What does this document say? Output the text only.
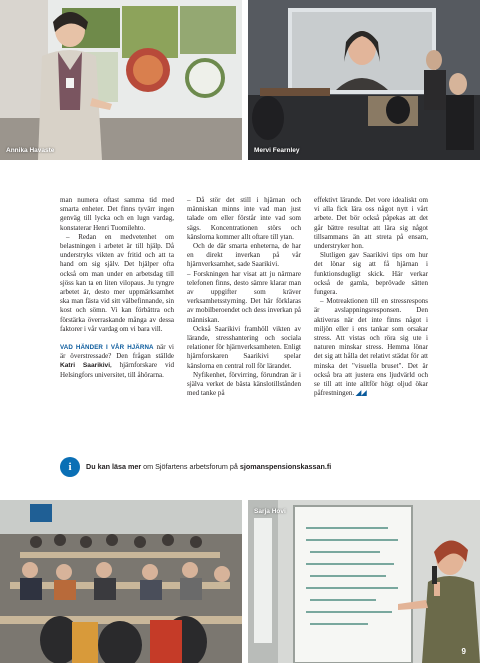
Annika Havaste	Mervi Fearnley

man numera oftast samma tid med smarta enheter. Det finns tyvärr ingen genväg till lycka och en lugn vardag, konstaterar Henri Tuomilehto.

– Redan en medvetenhet om belastningen i arbetet är till hjälp. Då understryks vikten av fritid och att ta hand om sig själv. Det hjälper ofta också om man under en arbetsdag till sjöss kan ta en liten vilopaus. Ju tyngre arbetet är, desto mer uppmärksamhet ska man fästa vid sitt välbefinnande, sin kost och sömn. Vi kan förbättra och förstärka överraskande många av dessa faktorer i vår vardag om vi bara vill.

VAD HÄNDER I VÅR HJÄRNA när vi är överstressade? Den frågan ställde Katri Saarikivi, hjärnforskare vid Helsingfors universitet, till åhörarna.

– Då stör det still i hjärnan och människan minns inte vad man just talade om eller förstår inte vad som sägs. Koncentrationen störs och känslorna kommer allt oftare till ytan.

Och de där smarta enheterna, de har en direkt inverkan på vår hjärnverksamhet, sade Saarikivi.

– Forskningen har visat att ju närmare telefonen finns, desto sämre klarar man av uppgifter som kräver verksamhetsstyrning. Det här förklaras av mobilberoendet och dess inverkan på människan.

Också Saarikivi framhöll vikten av lärande, stresshantering och sociala relationer för hjärnverksamheten. Enligt hjärnforskaren Saarikivi spelar känslorna en central roll för lärandet.

Nyfikenhet, förvirring, förundran är i själva verket de bästa känslotillstånden med tanke på

effektivt lärande. Det vore idealiskt om vi alla fick lära oss något nytt i vårt arbete. Det bör också påpekas att det går bättre resultat att lära sig något tillsammans än att streta på ensam, understryker hon.

Slutligen gav Saarikivi tips om hur det lönar sig att få hjärnan i funktionsdugligt skick. Här verkar också de gamla, beprövade sätten fungera.

– Motreaktionen till en stressrespons är avslappningsresponsen. Den aktiveras när det inte finns något i miljön eller i ens tankar som orsakar stress. Att vistas och röra sig ute i naturen minskar stress. Hemma lönar det sig att hålla det relativt städat för att minska det "visuella bruset". Det är också bra att justera ens ljudvärld och se till att inte alltför högt oljud ökar påfrestningen. ◢◢

i	Du kan läsa mer om Sjöfartens arbetsforum på sjomanspensionskassan.fi
Sarja Hovi
9
